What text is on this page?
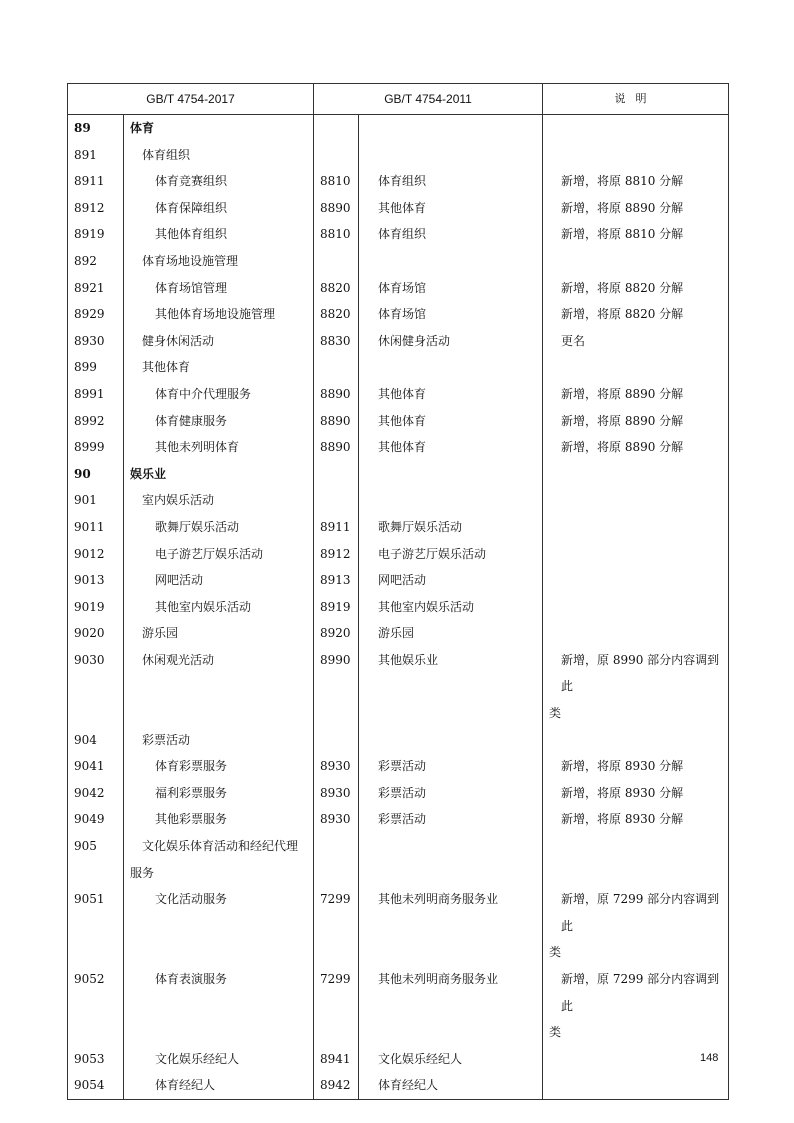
GB/T 4754-2017		GB/T 4754-2011		说明
89	体育			
891	体育组织			
8911	体育竞赛组织	8810	体育组织	新增，将原 8810 分解

8912	体育保障组织	8890	其他体育	新增，将原 8890 分解

8919	其他体育组织	8810	体育组织	新增，将原 8810 分解

892	体育场地设施管理			
8921	体育场馆管理	8820	体育场馆	新增，将原 8820 分解

8929	其他体育场地设施管理	8820	体育场馆	新增，将原 8820 分解

8930	健身休闲活动	8830	休闲健身活动	更名

899	其他体育			
8991	体育中介代理服务	8890	其他体育	新增，将原 8890 分解

8992	体育健康服务	8890	其他体育	新增，将原 8890 分解

8999	其他未列明体育	8890	其他体育	新增，将原 8890 分解

90	娱乐业			
901	室内娱乐活动			
9011	歌舞厅娱乐活动	8911	歌舞厅娱乐活动	
9012	电子游艺厅娱乐活动	8912	电子游艺厅娱乐活动	
9013	网吧活动	8913	网吧活动	
9019	其他室内娱乐活动	8919	其他室内娱乐活动	
9020	游乐园	8920	游乐园	
9030	休闲观光活动	8990	其他娱乐业	新增，原 8990 部分内容调到此
类

904	彩票活动			
9041	体育彩票服务	8930	彩票活动	新增，将原 8930 分解

9042	福利彩票服务	8930	彩票活动	新增，将原 8930 分解

9049	其他彩票服务	8930	彩票活动	新增，将原 8930 分解

905	文化娱乐体育活动和经纪代理
服务			

9051	文化活动服务	7299	其他未列明商务服务业	新增，原 7299 部分内容调到此
类

9052	体育表演服务	7299	其他未列明商务服务业	新增，原 7299 部分内容调到此
类

9053	文化娱乐经纪人	8941	文化娱乐经纪人	
9054	体育经纪人	8942	体育经纪人	
148
